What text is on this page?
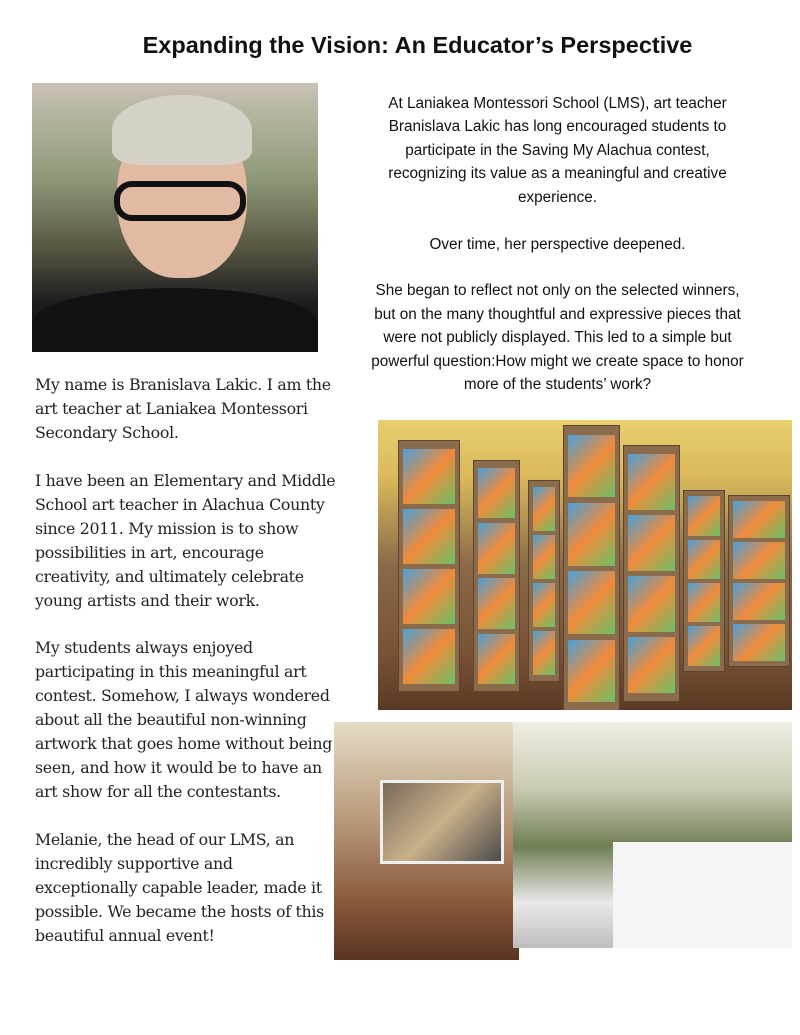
Expanding the Vision: An Educator’s Perspective

At Laniakea Montessori School (LMS), art teacher
Branislava Lakic has long encouraged students to
participate in the Saving My Alachua contest,
recognizing its value as a meaningful and creative
experience.

Over time, her perspective deepened.

She began to reflect not only on the selected winners,
but on the many thoughtful and expressive pieces that
were not publicly displayed. This led to a simple but
powerful question:How might we create space to honor
more of the students’ work?

My name is Branislava Lakic. I am the
art teacher at Laniakea Montessori
Secondary School.

I have been an Elementary and Middle
School art teacher in Alachua County
since 2011. My mission is to show
possibilities in art, encourage
creativity, and ultimately celebrate
young artists and their work.

My students always enjoyed
participating in this meaningful art
contest. Somehow, I always wondered
about all the beautiful non-winning
artwork that goes home without being
seen, and how it would be to have an
art show for all the contestants.

Melanie, the head of our LMS, an
incredibly supportive and
exceptionally capable leader, made it
possible. We became the hosts of this
beautiful annual event!
